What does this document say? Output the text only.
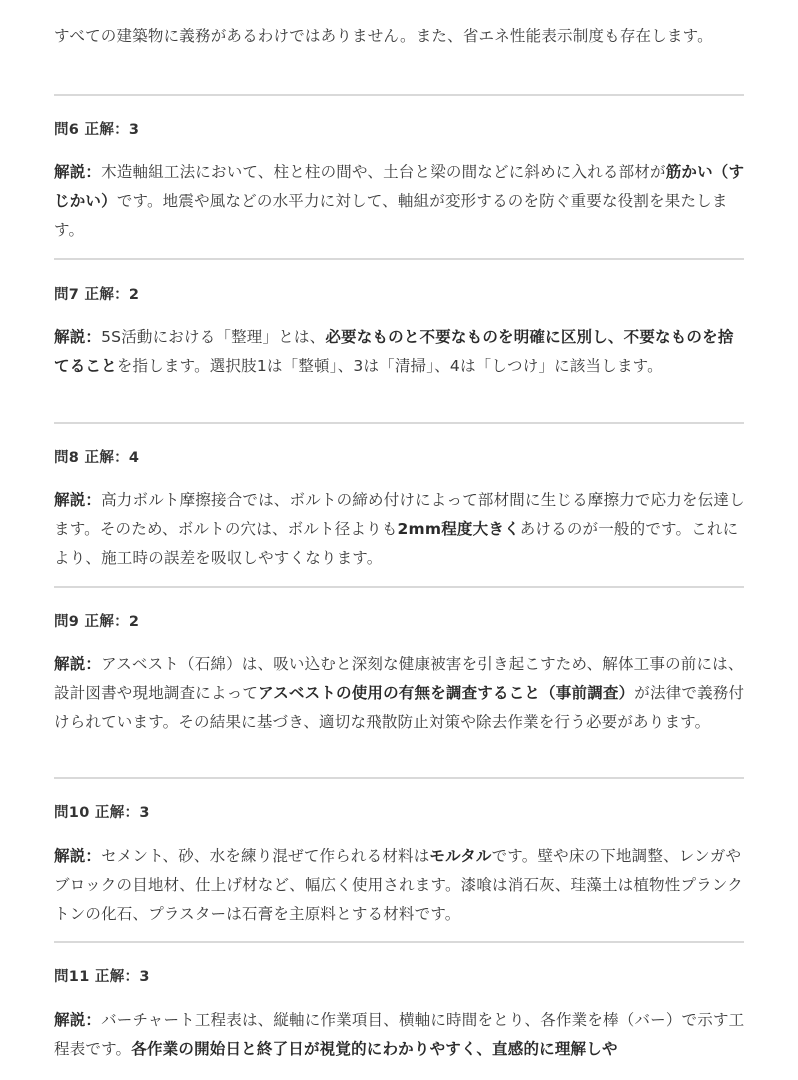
すべての建築物に義務があるわけではありません。また、省エネ性能表示制度も存在します。

問6 正解：3

解説：木造軸組工法において、柱と柱の間や、土台と梁の間などに斜めに入れる部材が筋かい（すじかい）です。地震や風などの水平力に対して、軸組が変形するのを防ぐ重要な役割を果たします。

問7 正解：2

解説：5S活動における「整理」とは、必要なものと不要なものを明確に区別し、不要なものを捨てることを指します。選択肢1は「整頓」、3は「清掃」、4は「しつけ」に該当します。

問8 正解：4

解説：高力ボルト摩擦接合では、ボルトの締め付けによって部材間に生じる摩擦力で応力を伝達します。そのため、ボルトの穴は、ボルト径よりも2mm程度大きくあけるのが一般的です。これにより、施工時の誤差を吸収しやすくなります。

問9 正解：2

解説：アスベスト（石綿）は、吸い込むと深刻な健康被害を引き起こすため、解体工事の前には、設計図書や現地調査によってアスベストの使用の有無を調査すること（事前調査）が法律で義務付けられています。その結果に基づき、適切な飛散防止対策や除去作業を行う必要があります。

問10 正解：3

解説：セメント、砂、水を練り混ぜて作られる材料はモルタルです。壁や床の下地調整、レンガやブロックの目地材、仕上げ材など、幅広く使用されます。漆喰は消石灰、珪藻土は植物性プランクトンの化石、プラスターは石膏を主原料とする材料です。

問11 正解：3

解説：バーチャート工程表は、縦軸に作業項目、横軸に時間をとり、各作業を棒（バー）で示す工程表です。各作業の開始日と終了日が視覚的にわかりやすく、直感的に理解しや
